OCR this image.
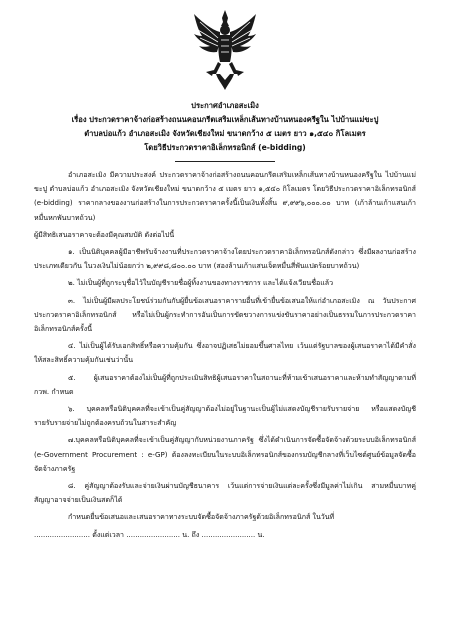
ประกาศอำเภอสะเมิง
เรื่อง ประกวดราคาจ้างก่อสร้างถนนคอนกรีตเสริมเหล็กเส้นทางบ้านหนองครีฐใน ไปบ้านแม่ขะปู
ตำบลบ่อแก้ว อำเภอสะเมิง จังหวัดเชียงใหม่ ขนาดกว้าง ๕ เมตร ยาว ๑,๕๔๐ กิโลเมตร
โดยวิธีประกวดราคาอิเล็กทรอนิกส์ (e-bidding)

อำเภอสะเมิง มีความประสงค์ ประกวดราคาจ้างก่อสร้างถนนคอนกรีตเสริมเหล็กเส้นทางบ้านหนองครีฐใน ไปบ้านแม่ขะปู ตำบลบ่อแก้ว อำเภอสะเมิง จังหวัดเชียงใหม่ ขนาดกว้าง ๕ เมตร ยาว ๑,๕๔๐ กิโลเมตร โดยวิธีประกวดราคาอิเล็กทรอนิกส์ (e-bidding) ราคากลางของงานก่อสร้างในการประกวดราคาครั้งนี้เป็นเงินทั้งสิ้น ๙,๙๙๖,๐๐๐.๐๐ บาท (เก้าล้านเก้าแสนเก้าหมื่นหกพันบาทถ้วน)

ผู้มีสิทธิเสนอราคาจะต้องมีคุณสมบัติ ดังต่อไปนี้

๑. เป็นนิติบุคคลผู้มีอาชีพรับจ้างงานที่ประกวดราคาจ้างโดยประกวดราคาอิเล็กทรอนิกส์ดังกล่าว ซึ่งมีผลงานก่อสร้างประเภทเดียวกัน ในวงเงินไม่น้อยกว่า ๒,๙๙๘,๘๐๐.๐๐ บาท (สองล้านเก้าแสนเจ็ดหมื่นสี่พันแปดร้อยบาทถ้วน)

๒. ไม่เป็นผู้ที่ถูกระบุชื่อไว้ในบัญชีรายชื่อผู้ทิ้งงานของทางราชการ และได้แจ้งเวียนชื่อแล้ว

๓. ไม่เป็นผู้มีผลประโยชน์ร่วมกันกับผู้ยื่นข้อเสนอราคารายอื่นที่เข้ายื่นข้อเสนอให้แก่อำเภอสะเมิง ณ วันประกาศประกวดราคาอิเล็กทรอนิกส์ หรือไม่เป็นผู้กระทำการอันเป็นการขัดขวางการแข่งขันราคาอย่างเป็นธรรมในการประกวดราคาอิเล็กทรอนิกส์ครั้งนี้

๔. ไม่เป็นผู้ได้รับเอกสิทธิ์หรือความคุ้มกัน ซึ่งอาจปฏิเสธไม่ยอมขึ้นศาลไทย เว้นแต่รัฐบาลของผู้เสนอราคาได้มีคำสั่งให้สละสิทธิ์ความคุ้มกันเช่นว่านั้น

๕. ผู้เสนอราคาต้องไม่เป็นผู้ที่ถูกประเมินสิทธิผู้เสนอราคาในสถานะที่ห้ามเข้าเสนอราคาและห้ามทำสัญญาตามที่ กวพ. กำหนด

๖. บุคคลหรือนิติบุคคลที่จะเข้าเป็นคู่สัญญาต้องไม่อยู่ในฐานะเป็นผู้ไม่แสดงบัญชีรายรับรายจ่าย หรือแสดงบัญชีรายรับรายจ่ายไม่ถูกต้องครบถ้วนในสาระสำคัญ

๗.บุคคลหรือนิติบุคคลที่จะเข้าเป็นคู่สัญญากับหน่วยงานภาครัฐ ซึ่งได้ดำเนินการจัดซื้อจัดจ้างด้วยระบบอิเล็กทรอนิกส์ (e-Government Procurement : e-GP) ต้องลงทะเบียนในระบบอิเล็กทรอนิกส์ของกรมบัญชีกลางที่เว็บไซต์ศูนย์ข้อมูลจัดซื้อจัดจ้างภาครัฐ

๘. คู่สัญญาต้องรับและจ่ายเงินผ่านบัญชีธนาคาร เว้นแต่การจ่ายเงินแต่ละครั้งซึ่งมีมูลค่าไม่เกิน สามหมื่นบาทคู่สัญญาอาจจ่ายเป็นเงินสดก็ได้

กำหนดยื่นข้อเสนอและเสนอราคาทางระบบจัดซื้อจัดจ้างภาครัฐด้วยอิเล็กทรอนิกส์ ในวันที่

......................... ตั้งแต่เวลา ........................ น. ถึง ........................ น.
